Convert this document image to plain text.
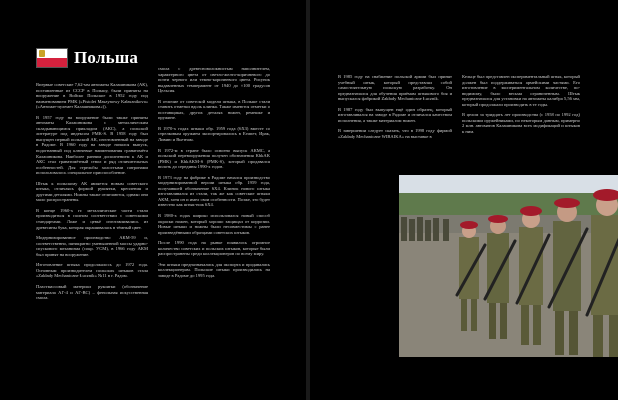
Польша

Впервые советские 7,62-мм автоматы Калашникова (АК), поставленные из СССР в Польшу, были приняты на вооружение в Войско Польское в 1952 году под наименованием PMK (»Pistolet Maszynowy Kałasznikova« (»Автомат-пулемет Калашникова«)).

В 1957 году на вооружение были также приняты автоматы Калашникова с металлическим складывающимся прикладом (АКС), а польской литературе под индексом PMK-S. В 1958 году был выпущен первый польский АК, изготовленный на заводе в Радоме. В 1960 году на заводе начался выпуск, подогнанный под ключевые наименования гранатомёта Калашникова. Наиболее ранним дополнением к АК и АКС стал гранатомётный ствол и ряд отличительных особенностей. Для стрельбы холостыми патронами использовалось специальное приспособление.

Штык к польскому АК является новым советского штыка, отличаясь формой рукоятки, крепления и другими деталями. Ножны также отличаются, однако они мало распространены.

В конце 1960-х гг. металлические части стали производиться в полном соответствии с советскими стандартами. Ложе и цевьё изготавливались из древесины бука, которая окрашивалась в тёмный цвет.

Модернизированное производство АКМ-59 и, соответственно, пятикратно уменьшенной массы ударно-спускового механизма (сокр. УСМ), в 1966 году АКМ был принят на вооружение.

Изготовление штыка продолжалось до 1972 года. Основным производителем польских штыков стала «Zakłady Mechaniczne Łucznik» №11 в г. Радом.

Пластмассовый материал рукоятки (обозначение материала АГ-4 и АГ-ВС) – фенольная искусственная смола.

смола с древесноволокнистым наполнителем, характерного цвета от светло-желто-коричневого до почти черного или темно-коричневого цвета. Рисунок выдавленных темперамент от 1940 до ×100 градусов Цельсия.

В отличие от советской модели штыка, в Польше стали ставить отметки вдоль клинка. Также имеются отметки о поставщиках, других деталях ножен, ремешке и пружине.

В 1970-х годах штыки обр. 1959 года (6Х3) вместе со стрелковым оружием экспортировались в Египет, Ирак, Ливию и Вьетнам.

В 1972-м в стране было освоено выпуск АКМС, а польский перевооружения получен обозначения KbkAK (PMK) и KbkAKM-S (PMK-S), который продавался вплоть до середины 1990-х годов.

В 1973 году на фабрике в Радоме начался производство модернизированной версии штыка обр. 1959 года, получившей обозначение 6Х4. Клинок нового штыка изготавливался из стали, так же как советские штыки АКМ, хотя он и имел свои особенности. Позже, это будет известно как штык-нож 6Х4.

В 1980-х годах широко использовался новый способ окраски ножен, который хорошо защищал от коррозии. Новые штыки и ножны были несовместимы с ранее произведёнными образцами советских штыков.

После 1990 года на рынке появилось огромное количество советских и польских штыков, которые были распространены среди коллекционеров по всему миру.

Эти штыки предназначались для экспорта и продавались коллекционерам. Польские штыки производились на заводе в Радоме до 1995 года.

В 1985 году на снабжение польской армии был принят учебный штык, который представлял собой самостоятельную польскую разработку. Он предназначался для обучения приёмам штыкового боя и выпускался фабрикой Zakłady Mechaniczne Łucznik.

В 1987 году был выпущен ещё один образец, который изготавливался на заводе в Радоме и отличался качеством исполнения, а также материалом ножен.

В завершении следует сказать, что в 1998 году фирмой «Zakłady Mechaniczne WIBAIKA» на выставке в

Кельце был представлен экспериментальный штык, который должен был поддерживаться армейскими частями. Его изготовление в экспериментальном количестве, по-видимому, было весьма ограниченным. Штык предназначался для установки на автоматы калибра 5,56 мм, который продолжали производить в те годы.

В целом за тридцать лет производства (с 1958 по 1992 год) польскими оружейниками, по некоторым данным, примерно 2 млн. автоматов Калашникова всех модификаций и штыков к ним.
